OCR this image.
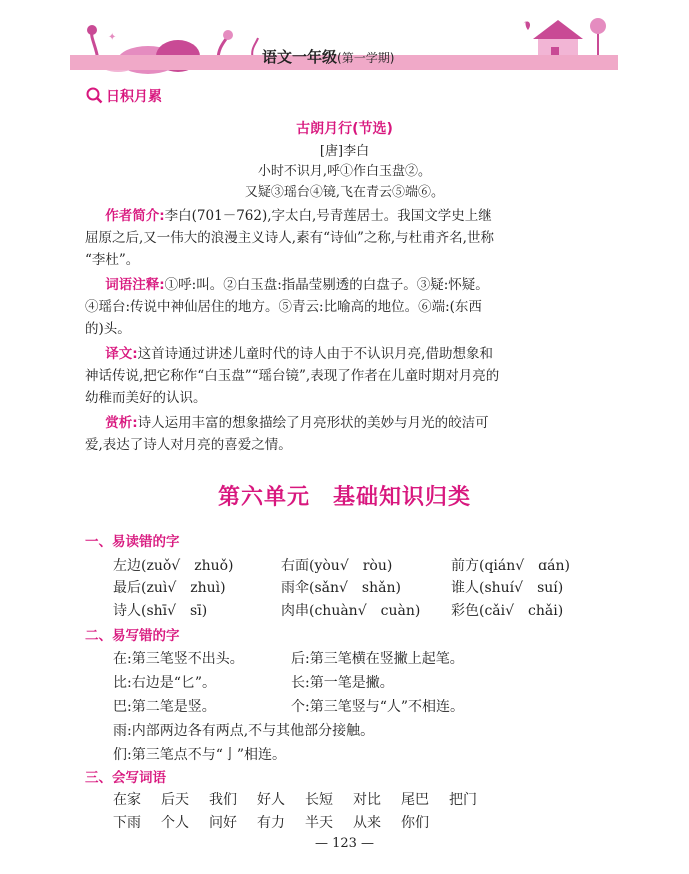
✦
语文一年级(第一学期)
日积月累
古朗月行(节选)
[唐]李白
小时不识月,呼①作白玉盘②。
又疑③瑶台④镜,飞在青云⑤端⑥。
作者简介:李白(701－762),字太白,号青莲居士。我国文学史上继
屈原之后,又一伟大的浪漫主义诗人,素有“诗仙”之称,与杜甫齐名,世称
“李杜”。
词语注释:①呼:叫。②白玉盘:指晶莹剔透的白盘子。③疑:怀疑。
④瑶台:传说中神仙居住的地方。⑤青云:比喻高的地位。⑥端:(东西
的)头。
译文:这首诗通过讲述儿童时代的诗人由于不认识月亮,借助想象和
神话传说,把它称作“白玉盘”“瑶台镜”,表现了作者在儿童时期对月亮的
幼稚而美好的认识。
赏析:诗人运用丰富的想象描绘了月亮形状的美妙与月光的皎洁可
爱,表达了诗人对月亮的喜爱之情。
第六单元　基础知识归类
一、易读错的字
左边(zuǒ√　zhuǒ)	右面(yòu√　ròu)	前方(qián√　ɑán)
最后(zuì√　zhuì)	雨伞(sǎn√　shǎn)	谁人(shuí√　suí)
诗人(shī√　sī)	肉串(chuàn√　cuàn) 彩色(cǎi√　chǎi)
二、易写错的字
在:第三笔竖不出头。	后:第三笔横在竖撇上起笔。
比:右边是“匕”。	长:第一笔是撇。
巴:第二笔是竖。	个:第三笔竖与“人”不相连。
雨:内部两边各有两点,不与其他部分接触。
们:第三笔点不与“亅”相连。
三、会写词语
在家 后天 我们 好人 长短 对比 尾巴 把门
下雨 个人 问好 有力 半天 从来 你们
— 123 —
